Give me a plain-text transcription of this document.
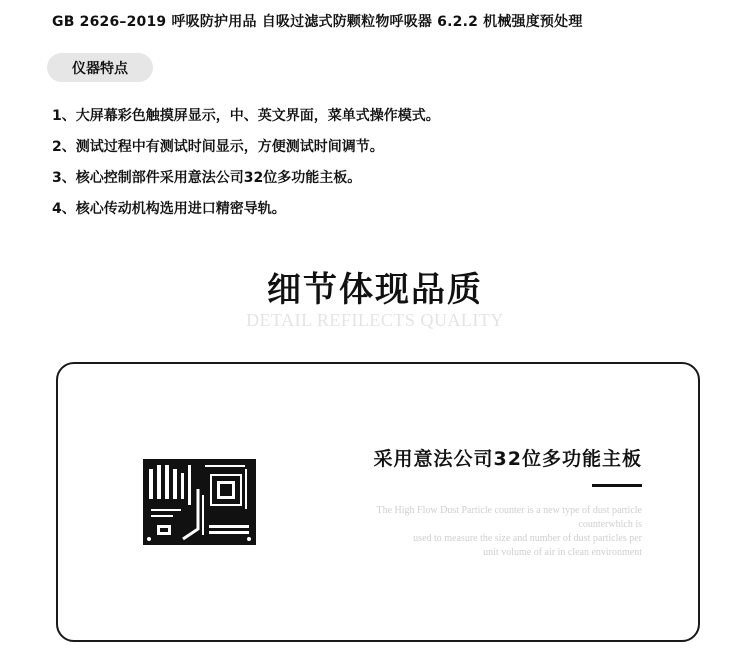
GB 2626–2019 呼吸防护用品 自吸过滤式防颗粒物呼吸器 6.2.2 机械强度预处理
仪器特点
1、大屏幕彩色触摸屏显示，中、英文界面，菜单式操作模式。
2、测试过程中有测试时间显示，方便测试时间调节。
3、核心控制部件采用意法公司32位多功能主板。
4、核心传动机构选用进口精密导轨。
细节体现品质
DETAIL REFILECTS QUALITY
采用意法公司32位多功能主板
The High Flow Dust Particle counter is a new type of dust particle
counterwhich is
used to measure the size and number of dust particles per
unit volume of air in clean environment
